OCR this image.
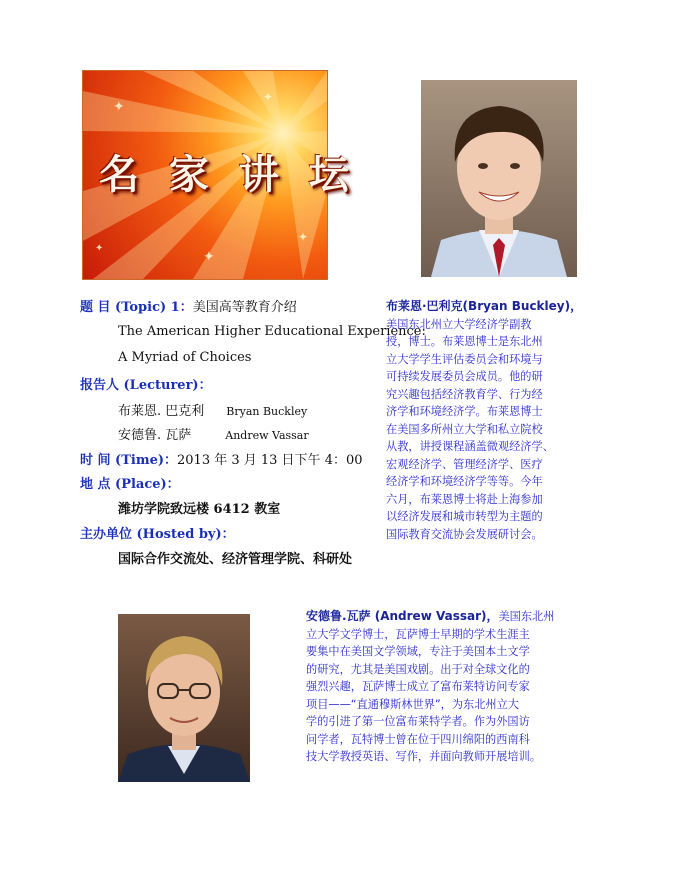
✦
✦
✦
✦
✦
名 家 讲 坛
题 目 (Topic) 1：美国高等教育介绍
The American Higher Educational Experience:
A Myriad of Choices
报告人 (Lecturer)：
布莱恩. 巴克利 Bryan Buckley
安德鲁. 瓦萨	Andrew Vassar
时 间 (Time)：2013 年 3 月 13 日下午 4：00
地 点 (Place)：
潍坊学院致远楼 6412 教室
主办单位 (Hosted by)：
国际合作交流处、经济管理学院、科研处
布莱恩·巴利克(Bryan Buckley)，
美国东北州立大学经济学副教
授，博士。布莱恩博士是东北州
立大学学生评估委员会和环境与
可持续发展委员会成员。他的研
究兴趣包括经济教育学、行为经
济学和环境经济学。布莱恩博士
在美国多所州立大学和私立院校
从教，讲授课程涵盖微观经济学、
宏观经济学、管理经济学、医疗
经济学和环境经济学等等。今年
六月，布莱恩博士将赴上海参加
以经济发展和城市转型为主题的
国际教育交流协会发展研讨会。
安德鲁.瓦萨 (Andrew Vassar)，美国东北州
立大学文学博士，瓦萨博士早期的学术生涯主
要集中在美国文学领域，专注于美国本土文学
的研究，尤其是美国戏剧。出于对全球文化的
强烈兴趣，瓦萨博士成立了富布莱特访问专家
项目——“直通穆斯林世界”，为东北州立大
学的引进了第一位富布莱特学者。作为外国访
问学者，瓦特博士曾在位于四川绵阳的西南科
技大学教授英语、写作，并面向教师开展培训。
